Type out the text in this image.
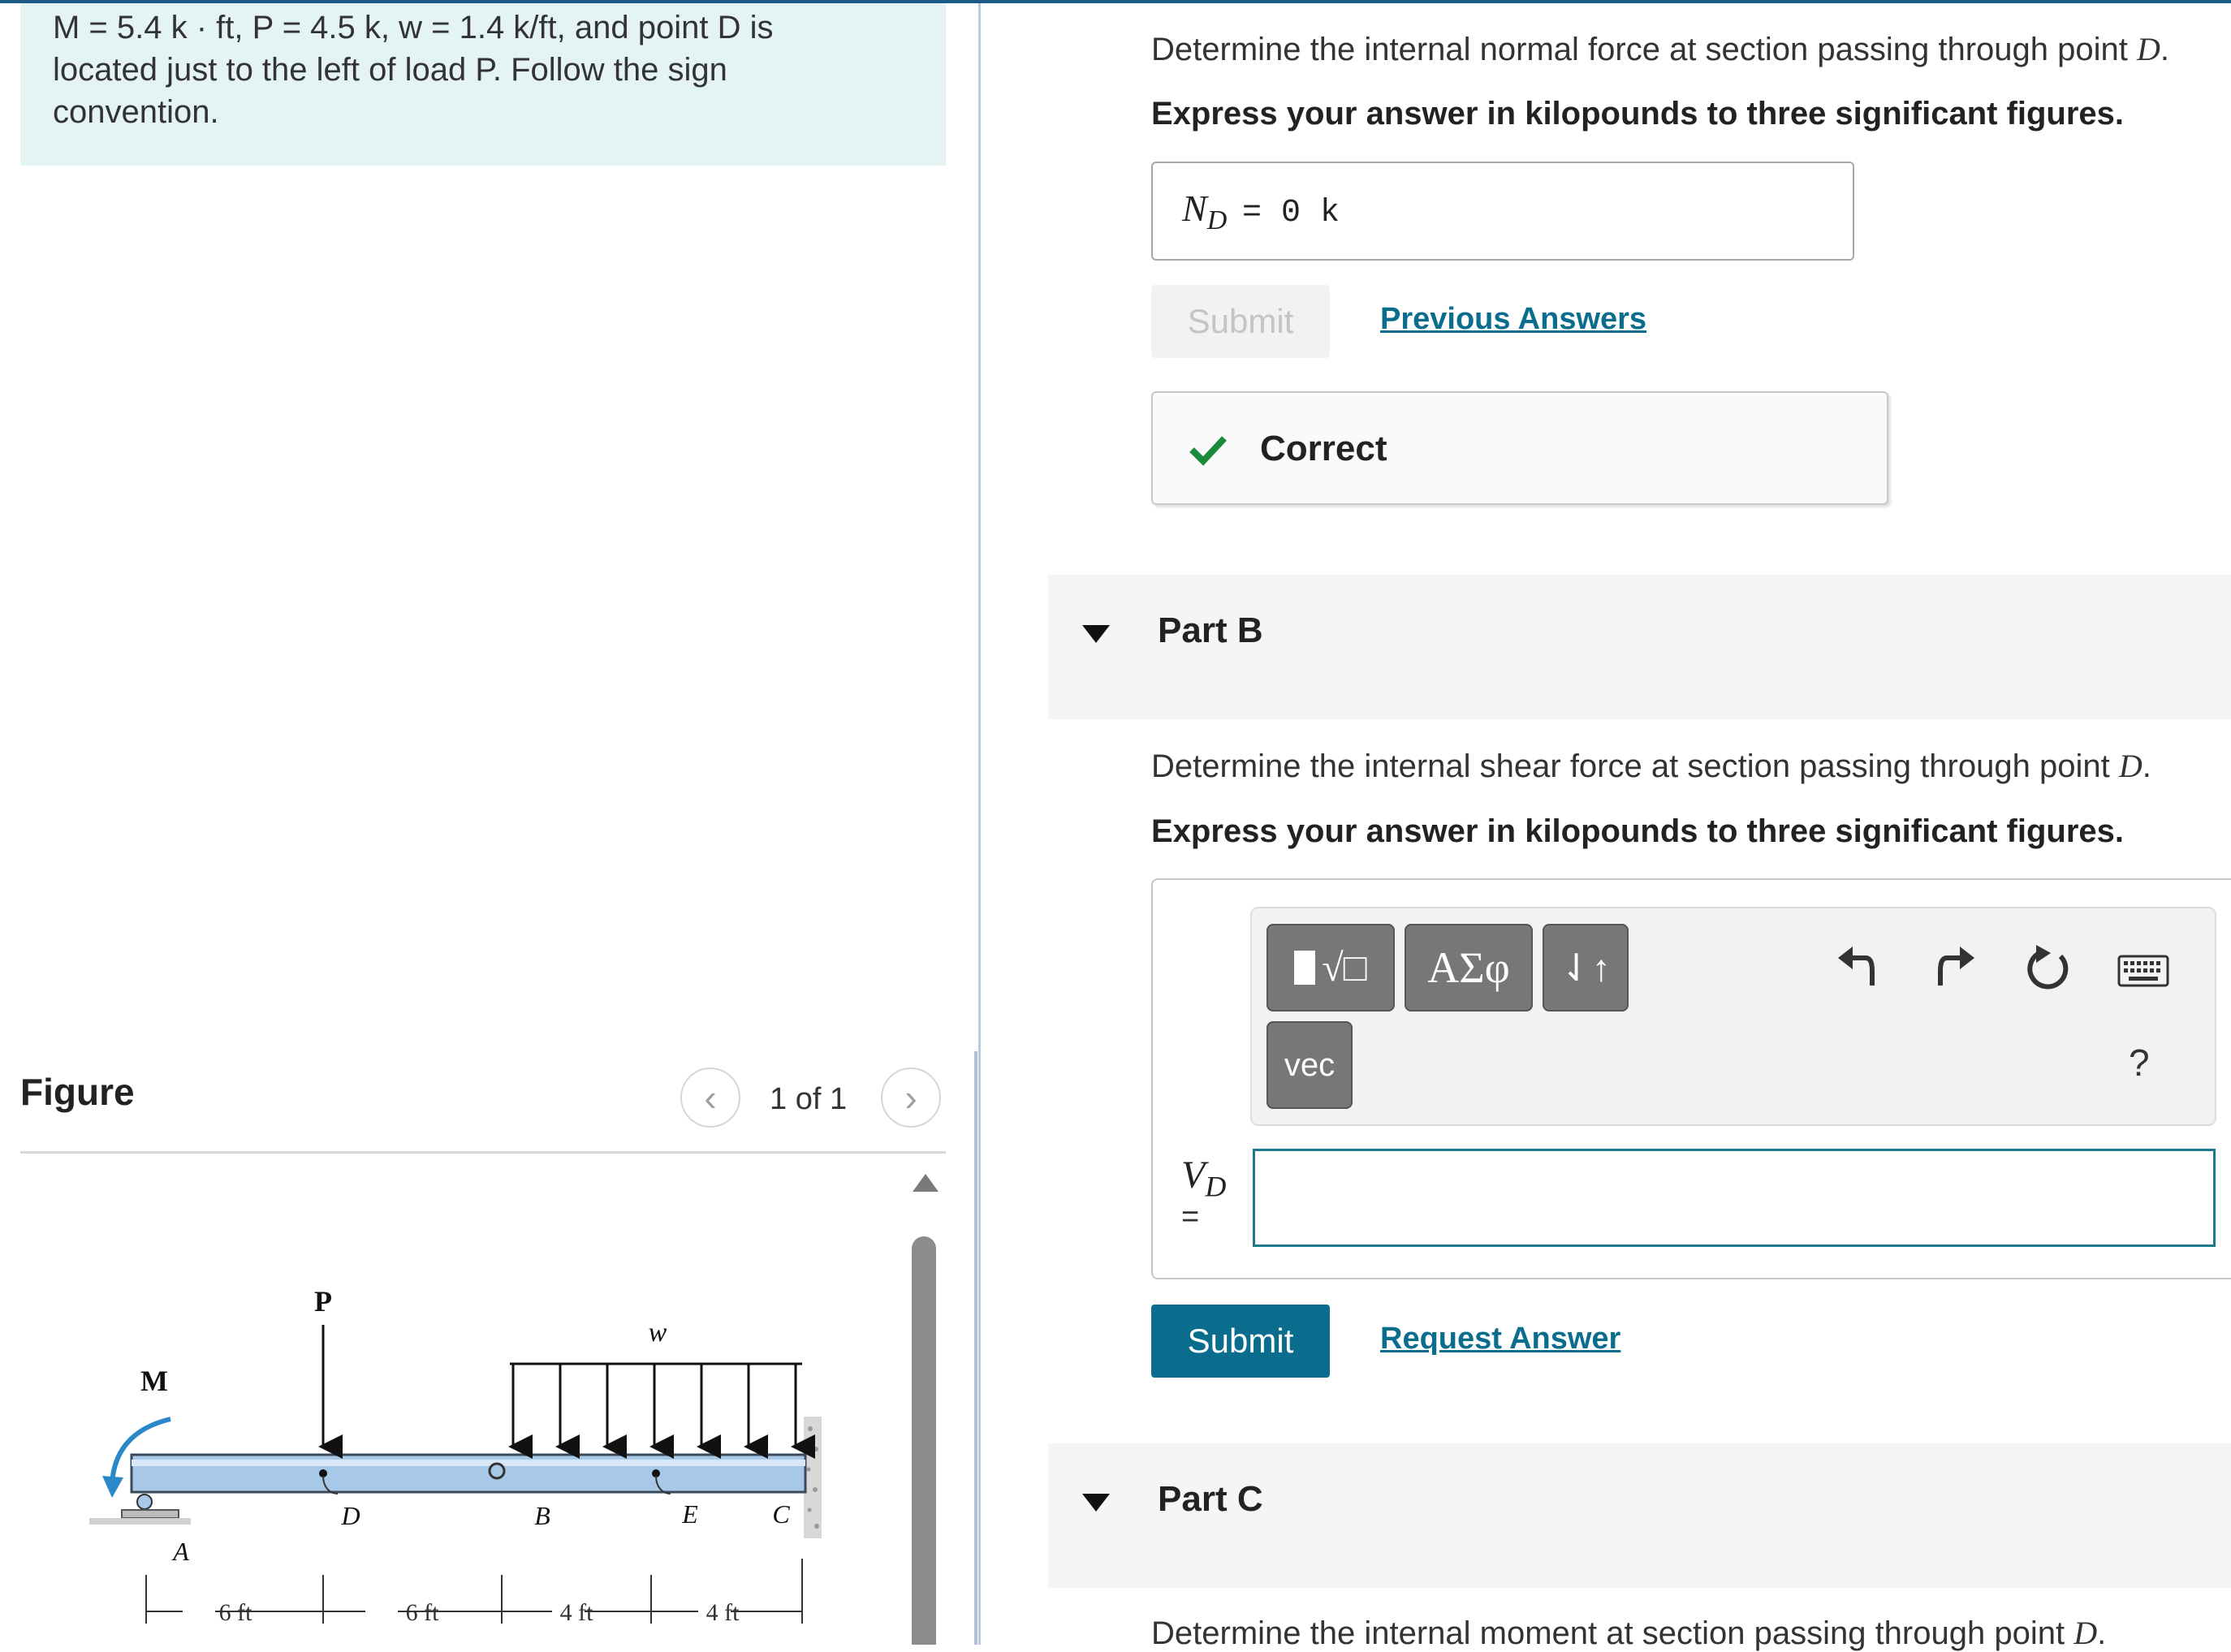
M = 5.4 k · ft, P = 4.5 k, w = 1.4 k/ft, and point D is
located just to the left of load P. Follow the sign
convention.
Figure	‹ 1 of 1 ›
M
P
w
D	B	E	C
A
6 ft	6 ft	4 ft	4 ft
Determine the internal normal force at section passing through point D.
Express your answer in kilopounds to three significant figures.
$N_D = 0$ k
Submit	Previous Answers
Correct
Part B
Determine the internal shear force at section passing through point D.
Express your answer in kilopounds to three significant figures.
√□ ΑΣφ ⇃↑
vec	?
$V_D$
=
Submit	Request Answer
Part C
Determine the internal moment at section passing through point D.
